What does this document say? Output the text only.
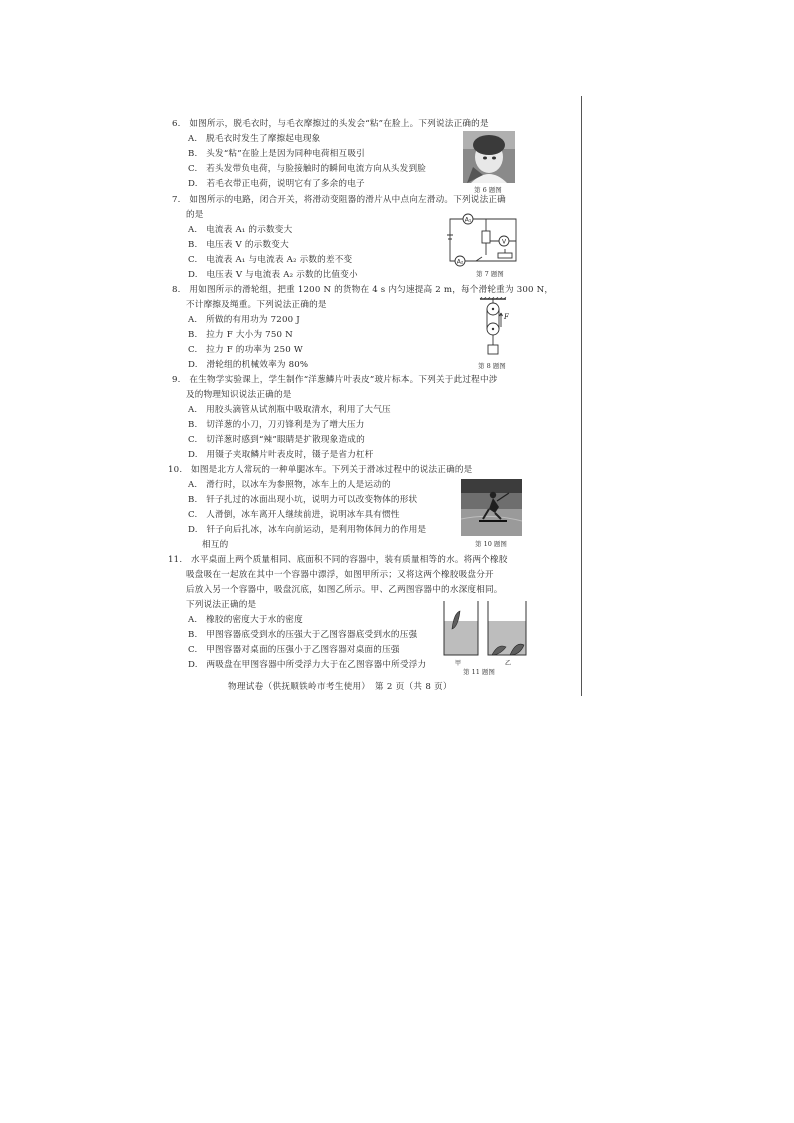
6.　如图所示，脱毛衣时，与毛衣摩擦过的头发会“粘”在脸上。下列说法正确的是
A.　脱毛衣时发生了摩擦起电现象
B.　头发“粘”在脸上是因为同种电荷相互吸引
C.　若头发带负电荷，与脸接触时的瞬间电流方向从头发到脸
D.　若毛衣带正电荷，说明它有了多余的电子
第 6 题图
7.　如图所示的电路，闭合开关，将滑动变阻器的滑片从中点向左滑动。下列说法正确
的是
A.　电流表 A₁ 的示数变大
B.　电压表 V 的示数变大
C.　电流表 A₁ 与电流表 A₂ 示数的差不变
D.　电压表 V 与电流表 A₂ 示数的比值变小
A₁
V
A₂
第 7 题图
8.　用如图所示的滑轮组，把重 1200 N 的货物在 4 s 内匀速提高 2 m，每个滑轮重为 300 N，
不计摩擦及绳重。下列说法正确的是
A.　所做的有用功为 7200 J
B.　拉力 F 大小为 750 N
C.　拉力 F 的功率为 250 W
D.　滑轮组的机械效率为 80%
F
第 8 题图
9.　在生物学实验课上，学生制作“洋葱鳞片叶表皮”玻片标本。下列关于此过程中涉
及的物理知识说法正确的是
A.　用胶头滴管从试剂瓶中吸取清水，利用了大气压
B.　切洋葱的小刀，刀刃锋利是为了增大压力
C.　切洋葱时感到“辣”眼睛是扩散现象造成的
D.　用镊子夹取鳞片叶表皮时，镊子是省力杠杆
10.　如图是北方人常玩的一种单腿冰车。下列关于滑冰过程中的说法正确的是
A.　滑行时，以冰车为参照物，冰车上的人是运动的
B.　钎子扎过的冰面出现小坑，说明力可以改变物体的形状
C.　人滑倒，冰车离开人继续前进，说明冰车具有惯性
D.　钎子向后扎冰，冰车向前运动，是利用物体间力的作用是
相互的	第 10 题图
11.　水平桌面上两个质量相同、底面积不同的容器中，装有质量相等的水。将两个橡胶
吸盘吸在一起放在其中一个容器中漂浮，如图甲所示；又将这两个橡胶吸盘分开
后放入另一个容器中，吸盘沉底，如图乙所示。甲、乙两图容器中的水深度相同。
下列说法正确的是
A.　橡胶的密度大于水的密度
B.　甲图容器底受到水的压强大于乙图容器底受到水的压强
C.　甲图容器对桌面的压强小于乙图容器对桌面的压强
D.　两吸盘在甲图容器中所受浮力大于在乙图容器中所受浮力	甲	乙
第 11 题图
物理试卷（供抚顺铁岭市考生使用）　第 2 页（共 8 页）
